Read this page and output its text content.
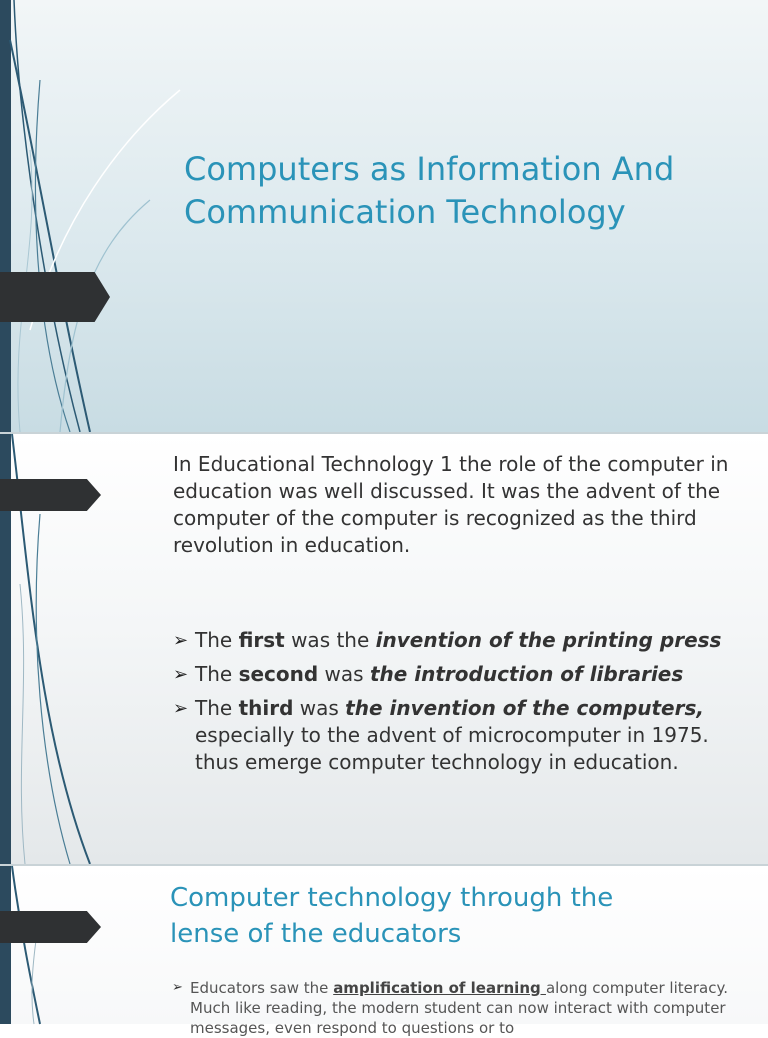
Computers as Information And
Communication Technology
In Educational Technology 1 the role of the computer in education was well discussed. It was the advent of the computer of the computer is recognized as the third revolution in education.
➢ The first was the invention of the printing press
➢ The second was the introduction of libraries
➢ The third was the invention of the computers, especially to the advent of microcomputer in 1975. thus emerge computer technology in education.
Computer technology through the
lense of the educators
➢ Educators saw the amplification of learning along computer literacy. Much like reading, the modern student can now interact with computer messages, even respond to questions or to
